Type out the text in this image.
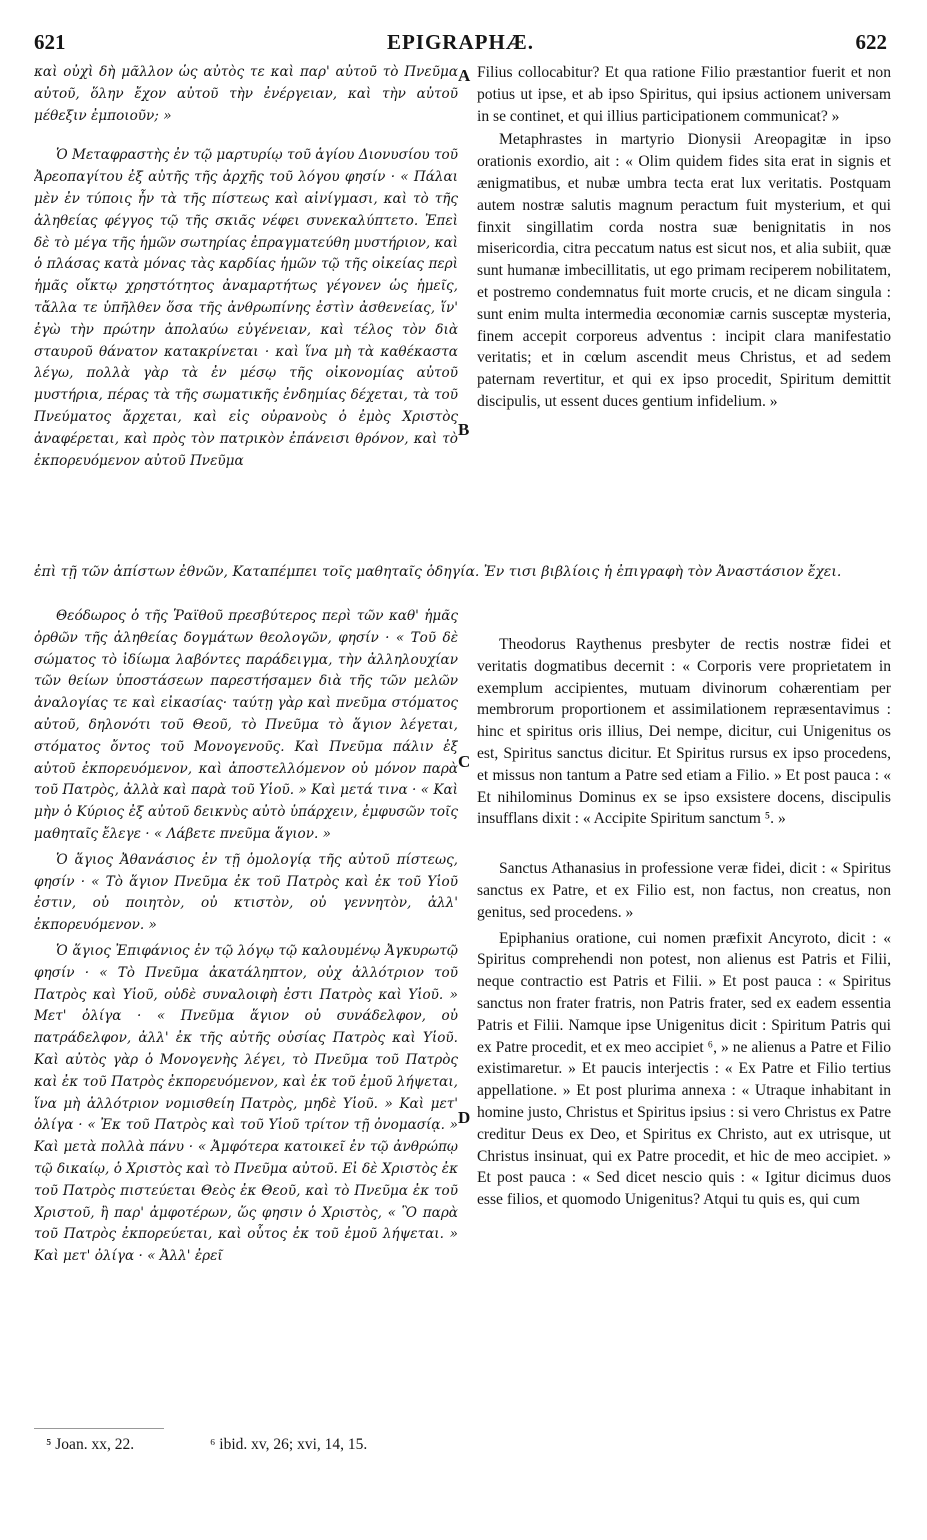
621	EPIGRAPHÆ.	622

καὶ οὐχὶ δὴ μᾶλλον ὡς αὐτὸς τε καὶ παρ' αὐτοῦ τὸ Πνεῦμα αὐτοῦ, ὅλην ἔχον αὐτοῦ τὴν ἐνέργειαν, καὶ τὴν αὐτοῦ μέθεξιν ἐμποιοῦν; »

Ὁ Μεταφραστὴς ἐν τῷ μαρτυρίῳ τοῦ ἁγίου Διονυσίου τοῦ Ἀρεοπαγίτου ἐξ αὐτῆς τῆς ἀρχῆς τοῦ λόγου φησίν · « Πάλαι μὲν ἐν τύποις ἦν τὰ τῆς πίστεως καὶ αἰνίγμασι, καὶ τὸ τῆς ἀληθείας φέγγος τῷ τῆς σκιᾶς νέφει συνεκαλύπτετο. Ἐπεὶ δὲ τὸ μέγα τῆς ἡμῶν σωτηρίας ἐπραγματεύθη μυστήριον, καὶ ὁ πλάσας κατὰ μόνας τὰς καρδίας ἡμῶν τῷ τῆς οἰκείας περὶ ἡμᾶς οἴκτῳ χρηστότητος ἀναμαρτήτως γέγονεν ὡς ἡμεῖς, τἄλλα τε ὑπῆλθεν ὅσα τῆς ἀνθρωπίνης ἐστὶν ἀσθενείας, ἵν' ἐγὼ τὴν πρώτην ἀπολαύω εὐγένειαν, καὶ τέλος τὸν διὰ σταυροῦ θάνατον κατακρίνεται · καὶ ἵνα μὴ τὰ καθέκαστα λέγω, πολλὰ γὰρ τὰ ἐν μέσῳ τῆς οἰκονομίας αὐτοῦ μυστήρια, πέρας τὰ τῆς σωματικῆς ἐνδημίας δέχεται, τὰ τοῦ Πνεύματος ἄρχεται, καὶ εἰς οὐρανοὺς ὁ ἐμὸς Χριστὸς ἀναφέρεται, καὶ πρὸς τὸν πατρικὸν ἐπάνεισι θρόνον, καὶ τὸ ἐκπορευόμενον αὐτοῦ Πνεῦμα

ἐπὶ τῇ τῶν ἀπίστων ἐθνῶν, Καταπέμπει τοῖς μαθηταῖς ὁδηγία. Ἐν τισι βιβλίοις ἡ ἐπιγραφὴ τὸν Ἀναστάσιον ἔχει.

Θεόδωρος ὁ τῆς Ῥαϊθοῦ πρεσβύτερος περὶ τῶν καθ' ἡμᾶς ὀρθῶν τῆς ἀληθείας δογμάτων θεολογῶν, φησίν · « Τοῦ δὲ σώματος τὸ ἰδίωμα λαβόντες παράδειγμα, τὴν ἀλληλουχίαν τῶν θείων ὑποστάσεων παρεστήσαμεν διὰ τῆς τῶν μελῶν ἀναλογίας τε καὶ εἰκασίας· ταύτῃ γὰρ καὶ πνεῦμα στόματος αὐτοῦ, δηλονότι τοῦ Θεοῦ, τὸ Πνεῦμα τὸ ἅγιον λέγεται, στόματος ὄντος τοῦ Μονογενοῦς. Καὶ Πνεῦμα πάλιν ἐξ αὐτοῦ ἐκπορευόμενον, καὶ ἀποστελλόμενον οὐ μόνον παρὰ τοῦ Πατρὸς, ἀλλὰ καὶ παρὰ τοῦ Υἱοῦ. » Καὶ μετά τινα · « Καὶ μὴν ὁ Κύριος ἐξ αὐτοῦ δεικνὺς αὐτὸ ὑπάρχειν, ἐμφυσῶν τοῖς μαθηταῖς ἔλεγε · « Λάβετε πνεῦμα ἅγιον. »

Ὁ ἅγιος Ἀθανάσιος ἐν τῇ ὁμολογίᾳ τῆς αὐτοῦ πίστεως, φησίν · « Τὸ ἅγιον Πνεῦμα ἐκ τοῦ Πατρὸς καὶ ἐκ τοῦ Υἱοῦ ἐστιν, οὐ ποιητὸν, οὐ κτιστὸν, οὐ γεννητὸν, ἀλλ' ἐκπορευόμενον. »

Ὁ ἅγιος Ἐπιφάνιος ἐν τῷ λόγῳ τῷ καλουμένῳ Ἀγκυρωτῷ φησίν · « Τὸ Πνεῦμα ἀκατάληπτον, οὐχ ἀλλότριον τοῦ Πατρὸς καὶ Υἱοῦ, οὐδὲ συναλοιφὴ ἐστι Πατρὸς καὶ Υἱοῦ. » Μετ' ὀλίγα · « Πνεῦμα ἅγιον οὐ συνάδελφον, οὐ πατράδελφον, ἀλλ' ἐκ τῆς αὐτῆς οὐσίας Πατρὸς καὶ Υἱοῦ. Καὶ αὐτὸς γὰρ ὁ Μονογενὴς λέγει, τὸ Πνεῦμα τοῦ Πατρὸς καὶ ἐκ τοῦ Πατρὸς ἐκπορευόμενον, καὶ ἐκ τοῦ ἐμοῦ λήψεται, ἵνα μὴ ἀλλότριον νομισθείη Πατρὸς, μηδὲ Υἱοῦ. » Καὶ μετ' ὀλίγα · « Ἐκ τοῦ Πατρὸς καὶ τοῦ Υἱοῦ τρίτον τῇ ὀνομασίᾳ. » Καὶ μετὰ πολλὰ πάνυ · « Ἀμφότερα κατοικεῖ ἐν τῷ ἀνθρώπῳ τῷ δικαίῳ, ὁ Χριστὸς καὶ τὸ Πνεῦμα αὐτοῦ. Εἰ δὲ Χριστὸς ἐκ τοῦ Πατρὸς πιστεύεται Θεὸς ἐκ Θεοῦ, καὶ τὸ Πνεῦμα ἐκ τοῦ Χριστοῦ, ἢ παρ' ἀμφοτέρων, ὥς φησιν ὁ Χριστὸς, « Ὃ παρὰ τοῦ Πατρὸς ἐκπορεύεται, καὶ οὗτος ἐκ τοῦ ἐμοῦ λήψεται. » Καὶ μετ' ὀλίγα · « Ἀλλ' ἐρεῖ

Filius collocabitur? Et qua ratione Filio præstantior fuerit et non potius ut ipse, et ab ipso Spiritus, qui ipsius actionem universam in se continet, et qui illius participationem communicat? »

Metaphrastes in martyrio Dionysii Areopagitæ in ipso orationis exordio, ait : « Olim quidem fides sita erat in signis et ænigmatibus, et nubæ umbra tecta erat lux veritatis. Postquam autem nostræ salutis magnum peractum fuit mysterium, et qui finxit singillatim corda nostra suæ benignitatis in nos misericordia, citra peccatum natus est sicut nos, et alia subiit, quæ sunt humanæ imbecillitatis, ut ego primam reciperem nobilitatem, et postremo condemnatus fuit morte crucis, et ne dicam singula : sunt enim multa intermedia œconomiæ carnis susceptæ mysteria, finem accepit corporeus adventus : incipit clara manifestatio veritatis; et in cœlum ascendit meus Christus, et ad sedem paternam revertitur, et qui ex ipso procedit, Spiritum demittit discipulis, ut essent duces gentium infidelium. »

Theodorus Raythenus presbyter de rectis nostræ fidei et veritatis dogmatibus decernit : « Corporis vere proprietatem in exemplum accipientes, mutuam divinorum cohærentiam per membrorum proportionem et assimilationem repræsentavimus : hinc et spiritus oris illius, Dei nempe, dicitur, cui Unigenitus os est, Spiritus sanctus dicitur. Et Spiritus rursus ex ipso procedens, et missus non tantum a Patre sed etiam a Filio. » Et post pauca : « Et nihilominus Dominus ex se ipso exsistere docens, discipulis insufflans dixit : « Accipite Spiritum sanctum ⁵. »

Sanctus Athanasius in professione veræ fidei, dicit : « Spiritus sanctus ex Patre, et ex Filio est, non factus, non creatus, non genitus, sed procedens. »

Epiphanius oratione, cui nomen præfixit Ancyroto, dicit : « Spiritus comprehendi non potest, non alienus est Patris et Filii, neque contractio est Patris et Filii. » Et post pauca : « Spiritus sanctus non frater fratris, non Patris frater, sed ex eadem essentia Patris et Filii. Namque ipse Unigenitus dicit : Spiritum Patris qui ex Patre procedit, et ex meo accipiet ⁶, » ne alienus a Patre et Filio existimaretur. » Et paucis interjectis : « Ex Patre et Filio tertius appellatione. » Et post plurima annexa : « Utraque inhabitant in homine justo, Christus et Spiritus ipsius : si vero Christus ex Patre creditur Deus ex Deo, et Spiritus ex Christo, aut ex utrisque, ut Christus insinuat, qui ex Patre procedit, et hic de meo accipiet. » Et post pauca : « Sed dicet nescio quis : « Igitur dicimus duos esse filios, et quomodo Unigenitus? Atqui tu quis es, qui cum

A
B
C
D
⁵ Joan. xx, 22.	⁶ ibid. xv, 26; xvi, 14, 15.
